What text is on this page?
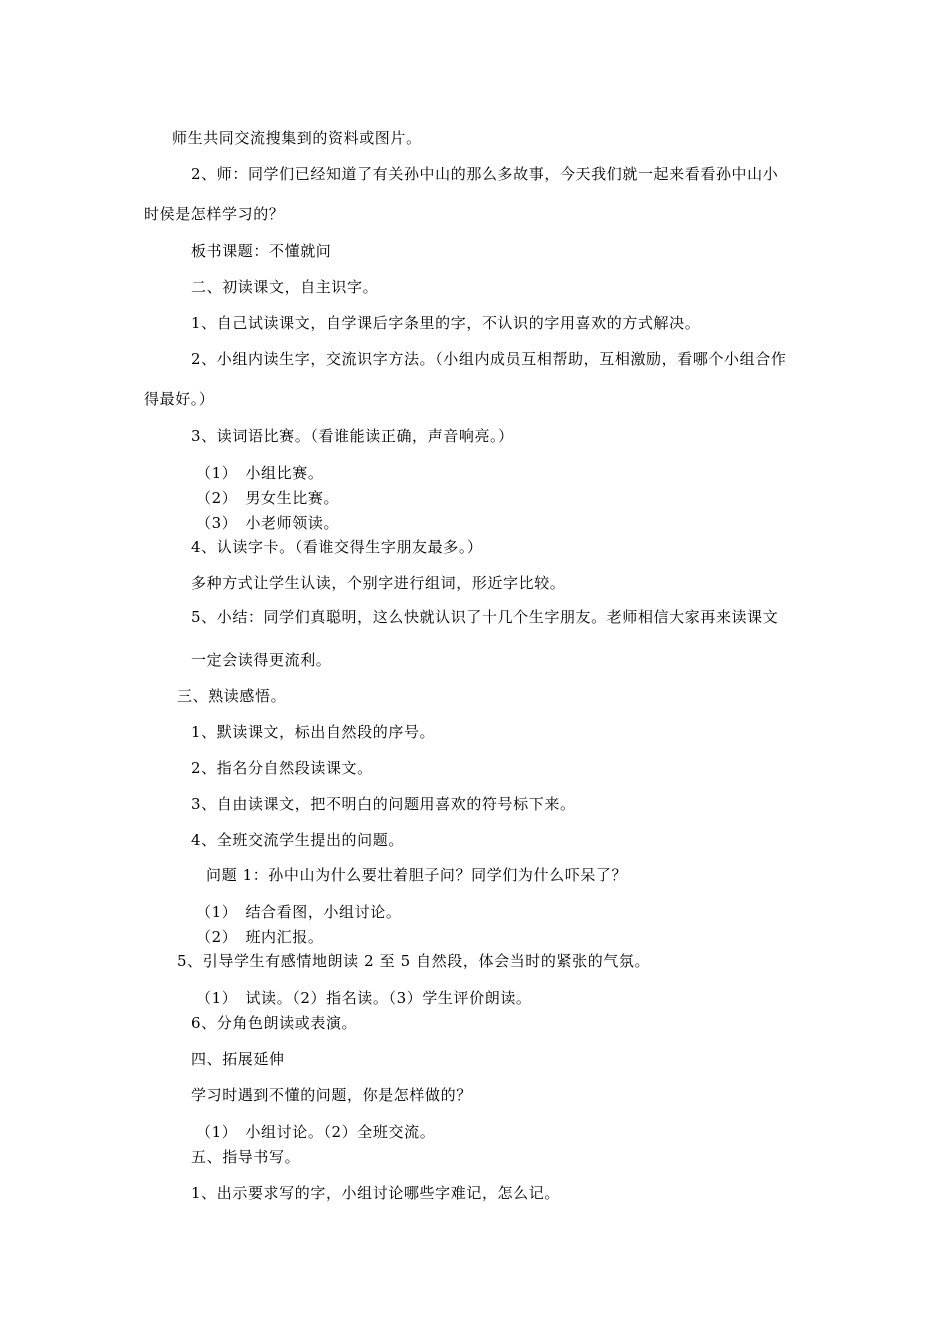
师生共同交流搜集到的资料或图片。
2、师：同学们已经知道了有关孙中山的那么多故事，今天我们就一起来看看孙中山小
时侯是怎样学习的？
板书课题：不懂就问
二、初读课文，自主识字。
1、自己试读课文，自学课后字条里的字，不认识的字用喜欢的方式解决。
2、小组内读生字，交流识字方法。（小组内成员互相帮助，互相激励，看哪个小组合作
得最好。）
3、读词语比赛。（看谁能读正确，声音响亮。）
（1）　小组比赛。
（2）　男女生比赛。
（3）　小老师领读。
4、认读字卡。（看谁交得生字朋友最多。）
多种方式让学生认读，个别字进行组词，形近字比较。
5、小结：同学们真聪明，这么快就认识了十几个生字朋友。老师相信大家再来读课文
一定会读得更流利。
三、熟读感悟。
1、默读课文，标出自然段的序号。
2、指名分自然段读课文。
3、自由读课文，把不明白的问题用喜欢的符号标下来。
4、全班交流学生提出的问题。
问题 1：孙中山为什么要壮着胆子问？同学们为什么吓呆了？
（1）　结合看图，小组讨论。
（2）　班内汇报。
5、引导学生有感情地朗读 2 至 5 自然段，体会当时的紧张的气氛。
（1）　试读。（2）指名读。（3）学生评价朗读。
6、分角色朗读或表演。
四、拓展延伸
学习时遇到不懂的问题，你是怎样做的？
（1）　小组讨论。（2）全班交流。
五、指导书写。
1、出示要求写的字，小组讨论哪些字难记，怎么记。
